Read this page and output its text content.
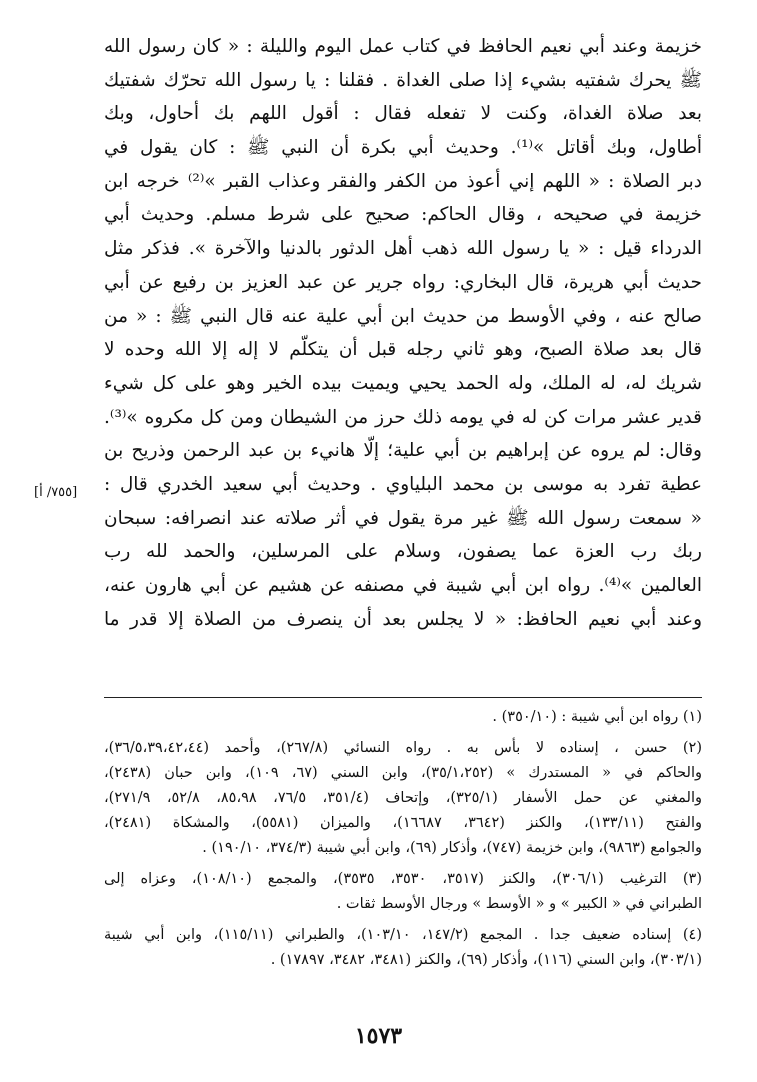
خزيمة وعند أبي نعيم الحافظ في كتاب عمل اليوم والليلة : « كان رسول الله
ﷺ يحرك شفتيه بشيء إذا صلى الغداة . فقلنا : يا رسول الله تحرّك شفتيك
بعد صلاة الغداة، وكنت لا تفعله فقال : أقول اللهم بك أحاول، وبك
أطاول، وبك أقاتل »⁽¹⁾. وحديث أبي بكرة أن النبي ﷺ : كان يقول في
دبر الصلاة : « اللهم إني أعوذ من الكفر والفقر وعذاب القبر »⁽²⁾ خرجه ابن
خزيمة في صحيحه ، وقال الحاكم: صحيح على شرط مسلم. وحديث أبي
الدرداء قيل : « يا رسول الله ذهب أهل الدثور بالدنيا والآخرة ». فذكر مثل
حديث أبي هريرة، قال البخاري: رواه جرير عن عبد العزيز بن رفيع عن أبي
صالح عنه ، وفي الأوسط من حديث ابن أبي علية عنه قال النبي ﷺ : « من
قال بعد صلاة الصبح، وهو ثاني رجله قبل أن يتكلّم لا إله إلا الله وحده لا
شريك له، له الملك، وله الحمد يحيي ويميت بيده الخير وهو على كل شيء
قدير عشر مرات كن له في يومه ذلك حرز من الشيطان ومن كل مكروه »⁽³⁾.
وقال: لم يروه عن إبراهيم بن أبي علية؛ إلّا هانيء بن عبد الرحمن وذريح بن
عطية تفرد به موسى بن محمد البلياوي . وحديث أبي سعيد الخدري قال :
« سمعت رسول الله ﷺ غير مرة يقول في أثر صلاته عند انصرافه: سبحان
ربك رب العزة عما يصفون، وسلام على المرسلين، والحمد لله رب
العالمين »⁽⁴⁾. رواه ابن أبي شيبة في مصنفه عن هشيم عن أبي هارون عنه،
وعند أبي نعيم الحافظ: « لا يجلس بعد أن ينصرف من الصلاة إلا قدر ما
[٧٥٥/ أ]
(١) رواه ابن أبي شيبة : (٣٥٠/١٠) .
(٢) حسن ، إسناده لا بأس به . رواه النسائي (٢٦٧/٨)، وأحمد (٣٦/٥،٣٩،٤٢،٤٤)،
والحاكم في « المستدرك » (٣٥/١،٢٥٢)، وابن السني (٦٧، ١٠٩)، وابن حبان (٢٤٣٨)،
والمغني عن حمل الأسفار (٣٢٥/١)، وإتحاف (٣٥١/٤، ٧٦/٥، ٨٥،٩٨، ٥٢/٨، ٢٧١/٩)،
والفتح (١٣٣/١١)، والكنز (٣٦٤٢، ١٦٦٨٧)، والميزان (٥٥٨١)، والمشكاة (٢٤٨١)،
والجوامع (٩٨٦٣)، وابن خزيمة (٧٤٧)، وأذكار (٦٩)، وابن أبي شيبة (٣٧٤/٣، ١٩٠/١٠) .
(٣) الترغيب (٣٠٦/١)، والكنز (٣٥١٧، ٣٥٣٠، ٣٥٣٥)، والمجمع (١٠٨/١٠)، وعزاه إلى
الطبراني في « الكبير » و « الأوسط » ورجال الأوسط ثقات .
(٤) إسناده ضعيف جدا . المجمع (١٤٧/٢، ١٠٣/١٠)، والطبراني (١١٥/١١)، وابن أبي شيبة
(٣٠٣/١)، وابن السني (١١٦)، وأذكار (٦٩)، والكنز (٣٤٨١، ٣٤٨٢، ١٧٨٩٧) .
١٥٧٣
